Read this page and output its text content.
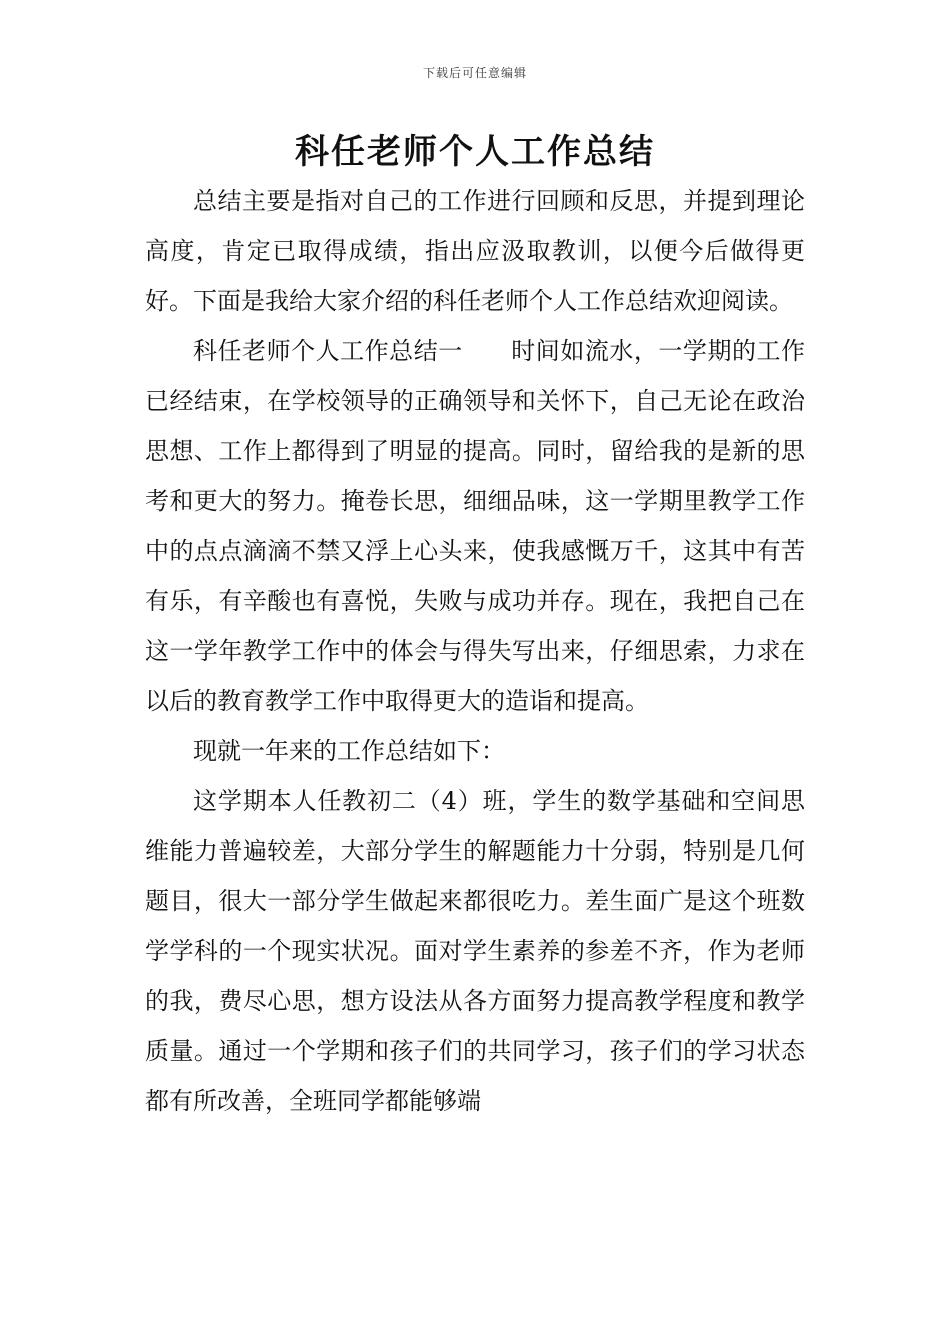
下载后可任意编辑
科任老师个人工作总结

总结主要是指对自己的工作进行回顾和反思，并提到理论高度，肯定已取得成绩，指出应汲取教训，以便今后做得更好。下面是我给大家介绍的科任老师个人工作总结欢迎阅读。

科任老师个人工作总结一 时间如流水，一学期的工作已经结束，在学校领导的正确领导和关怀下，自己无论在政治思想、工作上都得到了明显的提高。同时，留给我的是新的思考和更大的努力。掩卷长思，细细品味，这一学期里教学工作中的点点滴滴不禁又浮上心头来，使我感慨万千，这其中有苦有乐，有辛酸也有喜悦，失败与成功并存。现在，我把自己在这一学年教学工作中的体会与得失写出来，仔细思索，力求在以后的教育教学工作中取得更大的造诣和提高。

现就一年来的工作总结如下：

这学期本人任教初二（4）班，学生的数学基础和空间思维能力普遍较差，大部分学生的解题能力十分弱，特别是几何题目，很大一部分学生做起来都很吃力。差生面广是这个班数学学科的一个现实状况。面对学生素养的参差不齐，作为老师的我，费尽心思，想方设法从各方面努力提高教学程度和教学质量。通过一个学期和孩子们的共同学习，孩子们的学习状态都有所改善，全班同学都能够端
